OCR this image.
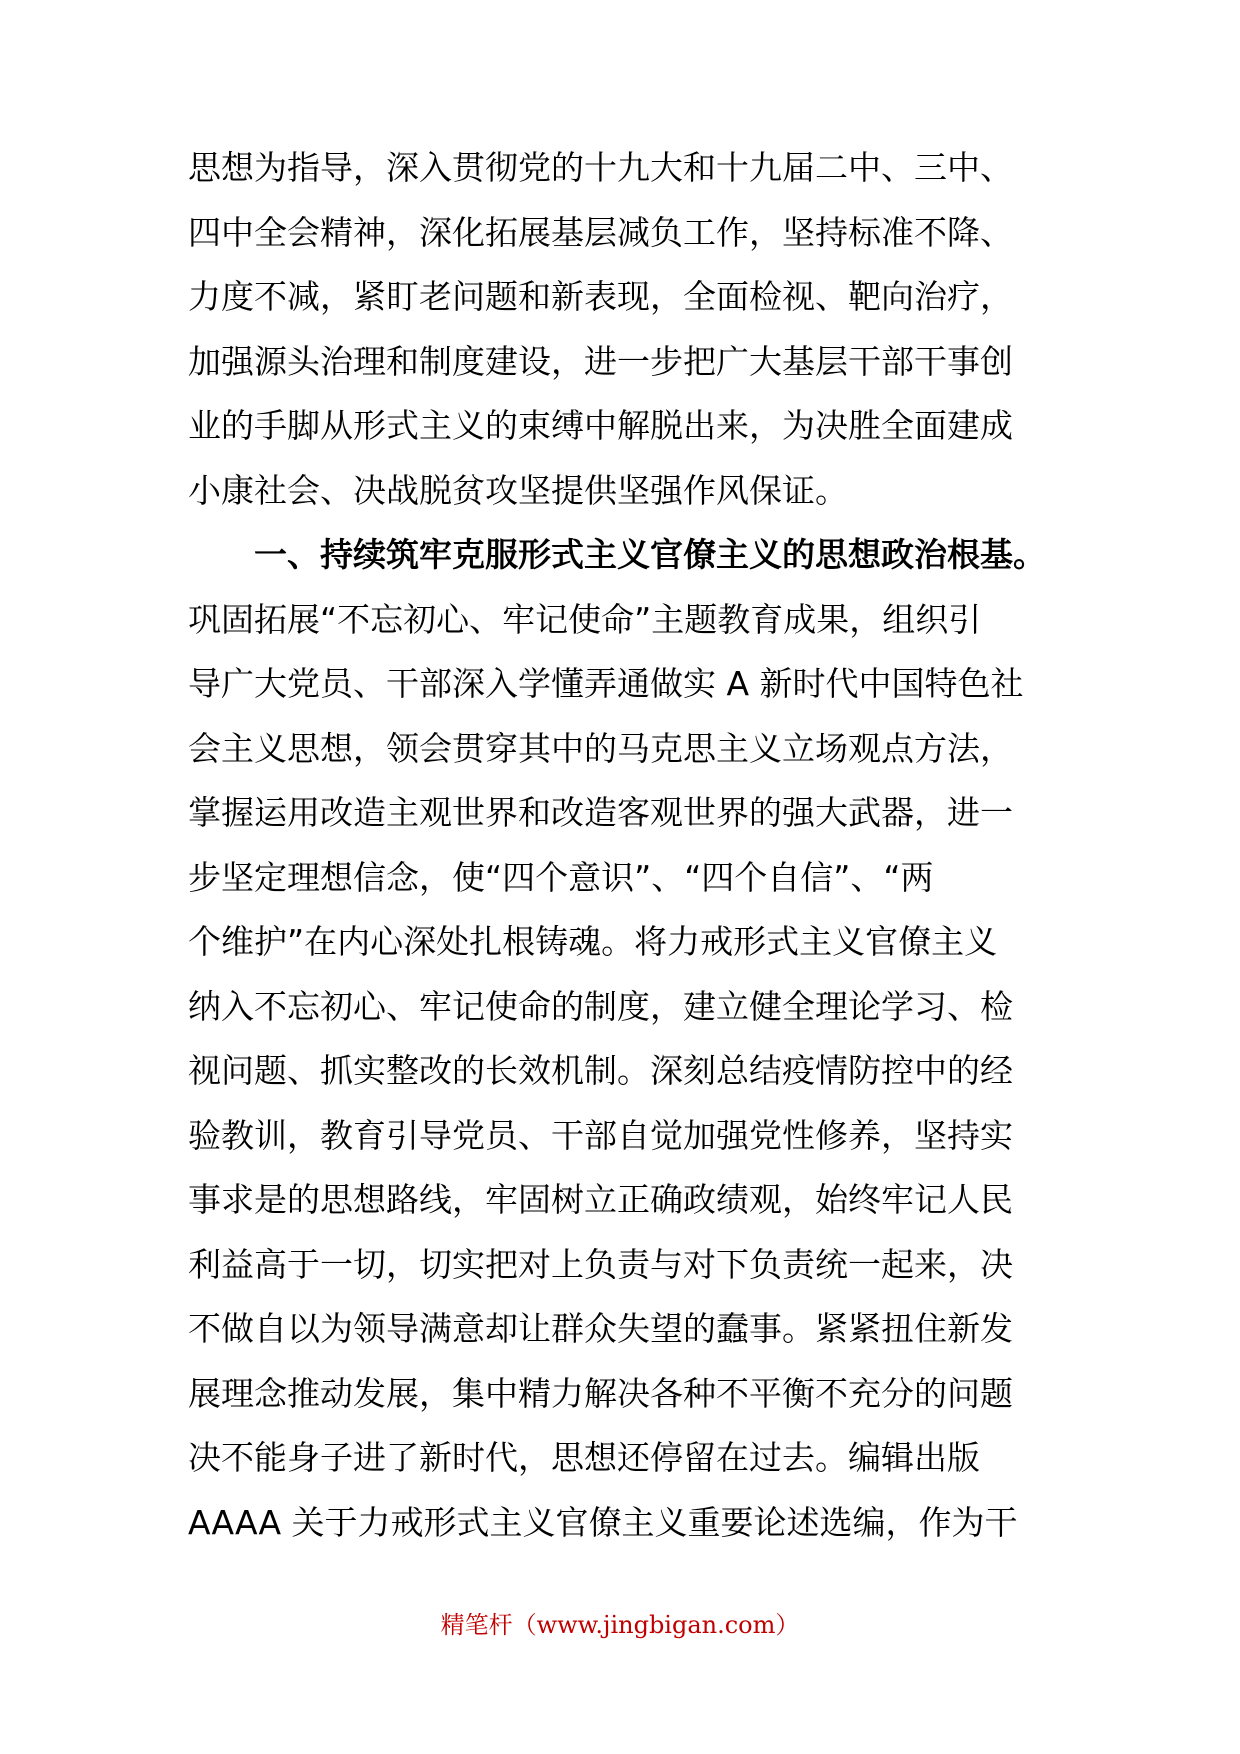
思想为指导，深入贯彻党的十九大和十九届二中、三中、
四中全会精神，深化拓展基层减负工作，坚持标准不降、
力度不减，紧盯老问题和新表现，全面检视、靶向治疗，
加强源头治理和制度建设，进一步把广大基层干部干事创
业的手脚从形式主义的束缚中解脱出来，为决胜全面建成
小康社会、决战脱贫攻坚提供坚强作风保证。
一、持续筑牢克服形式主义官僚主义的思想政治根基。
巩固拓展“不忘初心、牢记使命”主题教育成果，组织引
导广大党员、干部深入学懂弄通做实 A 新时代中国特色社
会主义思想，领会贯穿其中的马克思主义立场观点方法，
掌握运用改造主观世界和改造客观世界的强大武器，进一
步坚定理想信念，使“四个意识”、“四个自信”、“两
个维护”在内心深处扎根铸魂。将力戒形式主义官僚主义
纳入不忘初心、牢记使命的制度，建立健全理论学习、检
视问题、抓实整改的长效机制。深刻总结疫情防控中的经
验教训，教育引导党员、干部自觉加强党性修养，坚持实
事求是的思想路线，牢固树立正确政绩观，始终牢记人民
利益高于一切，切实把对上负责与对下负责统一起来，决
不做自以为领导满意却让群众失望的蠢事。紧紧扭住新发
展理念推动发展，集中精力解决各种不平衡不充分的问题
决不能身子进了新时代，思想还停留在过去。编辑出版
AAAA 关于力戒形式主义官僚主义重要论述选编，作为干
精笔杆（www.jingbigan.com）
